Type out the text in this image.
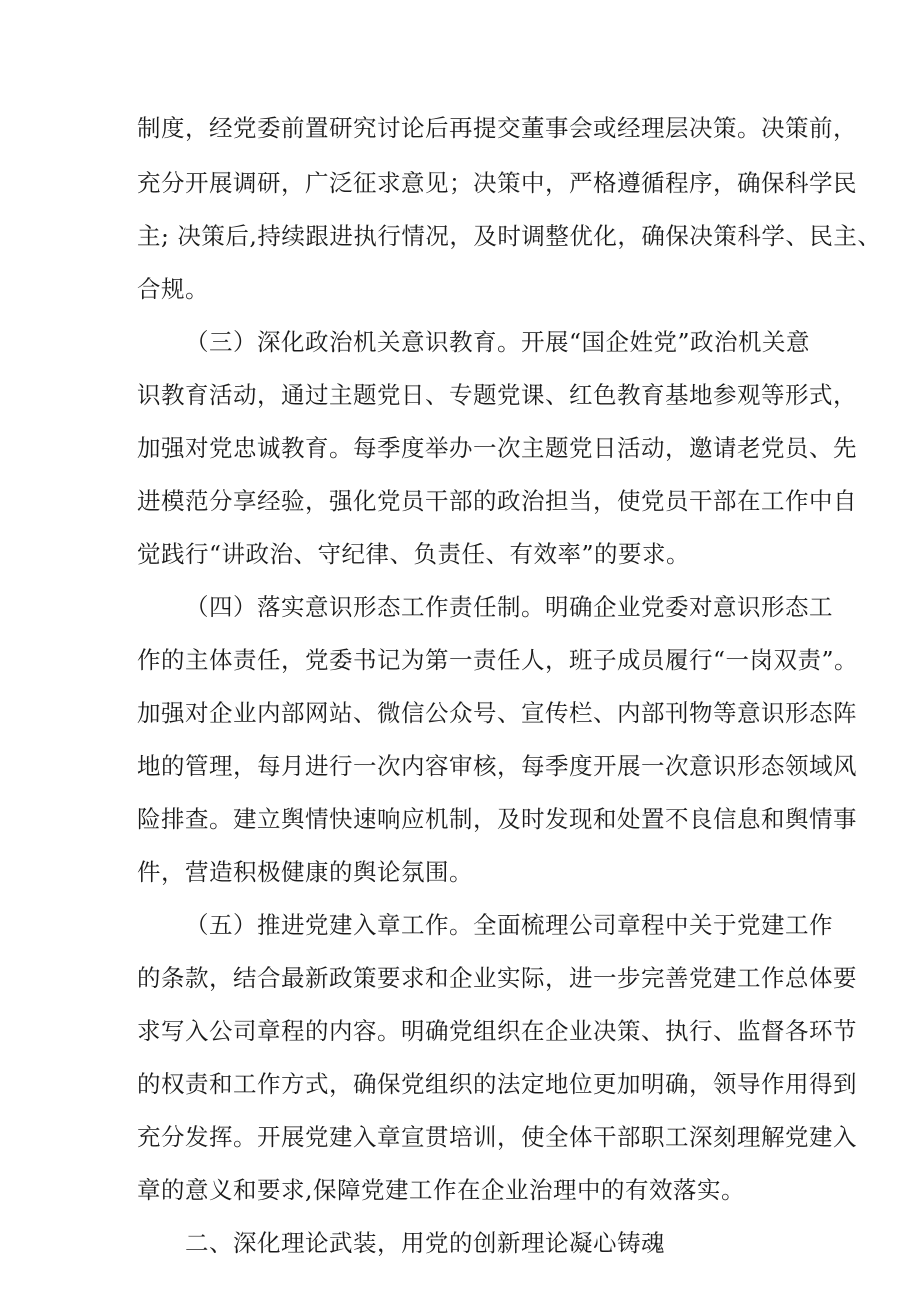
制度，经党委前置研究讨论后再提交董事会或经理层决策。决策前，
充分开展调研，广泛征求意见；决策中，严格遵循程序，确保科学民
主; 决策后,持续跟进执行情况，及时调整优化，确保决策科学、民主、
合规。
（三）深化政治机关意识教育。开展“国企姓党”政治机关意
识教育活动，通过主题党日、专题党课、红色教育基地参观等形式，
加强对党忠诚教育。每季度举办一次主题党日活动，邀请老党员、先
进模范分享经验，强化党员干部的政治担当，使党员干部在工作中自
觉践行“讲政治、守纪律、负责任、有效率”的要求。
（四）落实意识形态工作责任制。明确企业党委对意识形态工
作的主体责任，党委书记为第一责任人，班子成员履行“一岗双责”。
加强对企业内部网站、微信公众号、宣传栏、内部刊物等意识形态阵
地的管理，每月进行一次内容审核，每季度开展一次意识形态领域风
险排查。建立舆情快速响应机制，及时发现和处置不良信息和舆情事
件，营造积极健康的舆论氛围。
（五）推进党建入章工作。全面梳理公司章程中关于党建工作
的条款，结合最新政策要求和企业实际，进一步完善党建工作总体要
求写入公司章程的内容。明确党组织在企业决策、执行、监督各环节
的权责和工作方式，确保党组织的法定地位更加明确，领导作用得到
充分发挥。开展党建入章宣贯培训，使全体干部职工深刻理解党建入
章的意义和要求,保障党建工作在企业治理中的有效落实。
二、深化理论武装，用党的创新理论凝心铸魂
